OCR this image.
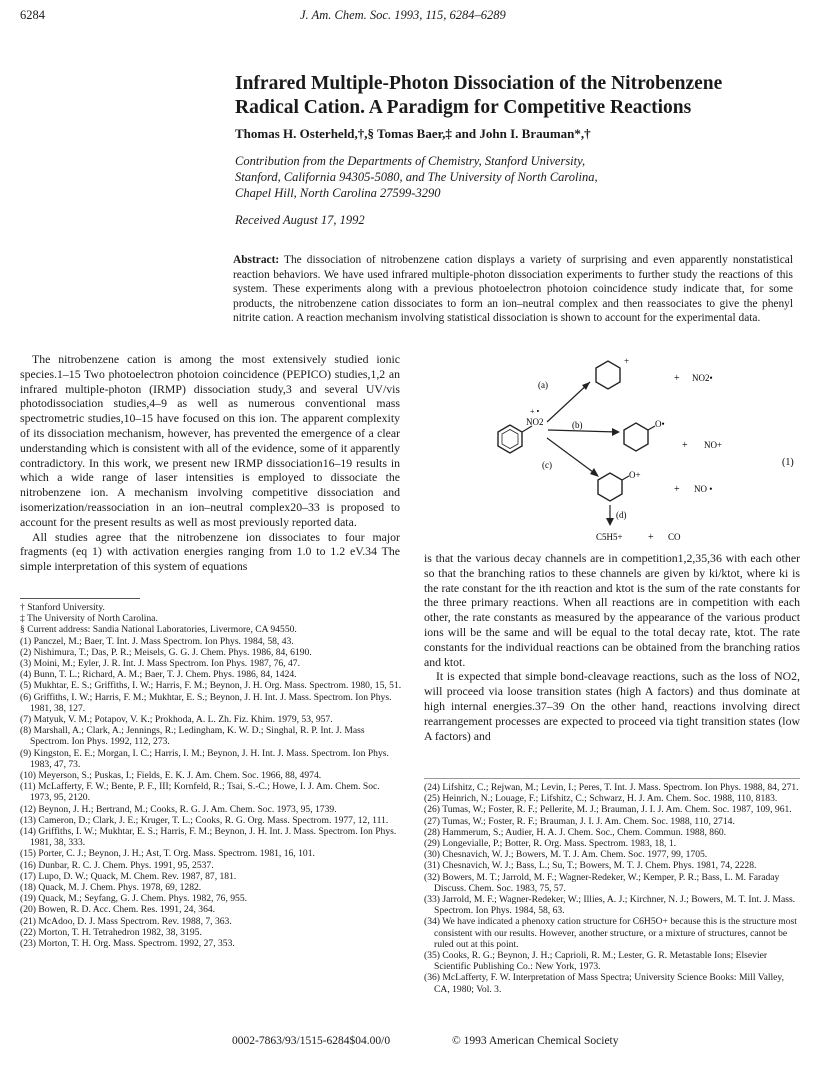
6284	J. Am. Chem. Soc. 1993, 115, 6284–6289
Infrared Multiple-Photon Dissociation of the Nitrobenzene
Radical Cation. A Paradigm for Competitive Reactions
Thomas H. Osterheld,†,§ Tomas Baer,‡ and John I. Brauman*,†
Contribution from the Departments of Chemistry, Stanford University,
Stanford, California 94305-5080, and The University of North Carolina,
Chapel Hill, North Carolina 27599-3290
Received August 17, 1992
Abstract: The dissociation of nitrobenzene cation displays a variety of surprising and even apparently nonstatistical reaction behaviors. We have used infrared multiple-photon dissociation experiments to further study the reactions of this system. These experiments along with a previous photoelectron photoion coincidence study indicate that, for some products, the nitrobenzene cation dissociates to form an ion–neutral complex and then reassociates to give the phenyl nitrite cation. A reaction mechanism involving statistical dissociation is shown to account for the experimental data.

The nitrobenzene cation is among the most extensively studied ionic species.1–15 Two photoelectron photoion coincidence (PEPICO) studies,1,2 an infrared multiple-photon (IRMP) dissociation study,3 and several UV/vis photodissociation studies,4–9 as well as numerous conventional mass spectrometric studies,10–15 have focused on this ion. The apparent complexity of its dissociation mechanism, however, has prevented the emergence of a clear understanding which is consistent with all of the evidence, some of it apparently contradictory. In this work, we present new IRMP dissociation16–19 results in which a wide range of laser intensities is employed to dissociate the nitrobenzene ion. A mechanism involving competitive dissociation and isomerization/reassociation in an ion–neutral complex20–33 is proposed to account for the present results as well as most previously reported data.

All studies agree that the nitrobenzene ion dissociates to four major fragments (eq 1) with activation energies ranging from 1.0 to 1.2 eV.34 The simple interpretation of this system of equations

† Stanford University.
‡ The University of North Carolina.
§ Current address: Sandia National Laboratories, Livermore, CA 94550.
(1) Panczel, M.; Baer, T. Int. J. Mass Spectrom. Ion Phys. 1984, 58, 43.
(2) Nishimura, T.; Das, P. R.; Meisels, G. G. J. Chem. Phys. 1986, 84, 6190.
(3) Moini, M.; Eyler, J. R. Int. J. Mass Spectrom. Ion Phys. 1987, 76, 47.
(4) Bunn, T. L.; Richard, A. M.; Baer, T. J. Chem. Phys. 1986, 84, 1424.
(5) Mukhtar, E. S.; Griffiths, I. W.; Harris, F. M.; Beynon, J. H. Org. Mass. Spectrom. 1980, 15, 51.
(6) Griffiths, I. W.; Harris, F. M.; Mukhtar, E. S.; Beynon, J. H. Int. J. Mass. Spectrom. Ion Phys. 1981, 38, 127.
(7) Matyuk, V. M.; Potapov, V. K.; Prokhoda, A. L. Zh. Fiz. Khim. 1979, 53, 957.
(8) Marshall, A.; Clark, A.; Jennings, R.; Ledingham, K. W. D.; Singhal, R. P. Int. J. Mass Spectrom. Ion Phys. 1992, 112, 273.
(9) Kingston, E. E.; Morgan, I. C.; Harris, I. M.; Beynon, J. H. Int. J. Mass. Spectrom. Ion Phys. 1983, 47, 73.
(10) Meyerson, S.; Puskas, I.; Fields, E. K. J. Am. Chem. Soc. 1966, 88, 4974.
(11) McLafferty, F. W.; Bente, P. F., III; Kornfeld, R.; Tsai, S.-C.; Howe, I. J. Am. Chem. Soc. 1973, 95, 2120.
(12) Beynon, J. H.; Bertrand, M.; Cooks, R. G. J. Am. Chem. Soc. 1973, 95, 1739.
(13) Cameron, D.; Clark, J. E.; Kruger, T. L.; Cooks, R. G. Org. Mass. Spectrom. 1977, 12, 111.
(14) Griffiths, I. W.; Mukhtar, E. S.; Harris, F. M.; Beynon, J. H. Int. J. Mass. Spectrom. Ion Phys. 1981, 38, 333.
(15) Porter, C. J.; Beynon, J. H.; Ast, T. Org. Mass. Spectrom. 1981, 16, 101.
(16) Dunbar, R. C. J. Chem. Phys. 1991, 95, 2537.
(17) Lupo, D. W.; Quack, M. Chem. Rev. 1987, 87, 181.
(18) Quack, M. J. Chem. Phys. 1978, 69, 1282.
(19) Quack, M.; Seyfang, G. J. Chem. Phys. 1982, 76, 955.
(20) Bowen, R. D. Acc. Chem. Res. 1991, 24, 364.
(21) McAdoo, D. J. Mass Spectrom. Rev. 1988, 7, 363.
(22) Morton, T. H. Tetrahedron 1982, 38, 3195.
(23) Morton, T. H. Org. Mass. Spectrom. 1992, 27, 353.
NO2
+ •
(a)
(b)
(c)
+
+ NO2•
O•
+ NO+
(1)
O+
+ NO •
(d)
C5H5+	+ CO

is that the various decay channels are in competition1,2,35,36 with each other so that the branching ratios to these channels are given by ki/ktot, where ki is the rate constant for the ith reaction and ktot is the sum of the rate constants for the three primary reactions. When all reactions are in competition with each other, the rate constants as measured by the appearance of the various product ions will be the same and will be equal to the total decay rate, ktot. The rate constants for the individual reactions can be obtained from the branching ratios and ktot.

It is expected that simple bond-cleavage reactions, such as the loss of NO2, will proceed via loose transition states (high A factors) and thus dominate at high internal energies.37–39 On the other hand, reactions involving direct rearrangement processes are expected to proceed via tight transition states (low A factors) and

(24) Lifshitz, C.; Rejwan, M.; Levin, I.; Peres, T. Int. J. Mass. Spectrom. Ion Phys. 1988, 84, 271.
(25) Heinrich, N.; Louage, F.; Lifshitz, C.; Schwarz, H. J. Am. Chem. Soc. 1988, 110, 8183.
(26) Tumas, W.; Foster, R. F.; Pellerite, M. J.; Brauman, J. I. J. Am. Chem. Soc. 1987, 109, 961.
(27) Tumas, W.; Foster, R. F.; Brauman, J. I. J. Am. Chem. Soc. 1988, 110, 2714.
(28) Hammerum, S.; Audier, H. A. J. Chem. Soc., Chem. Commun. 1988, 860.
(29) Longevialle, P.; Botter, R. Org. Mass. Spectrom. 1983, 18, 1.
(30) Chesnavich, W. J.; Bowers, M. T. J. Am. Chem. Soc. 1977, 99, 1705.
(31) Chesnavich, W. J.; Bass, L.; Su, T.; Bowers, M. T. J. Chem. Phys. 1981, 74, 2228.
(32) Bowers, M. T.; Jarrold, M. F.; Wagner-Redeker, W.; Kemper, P. R.; Bass, L. M. Faraday Discuss. Chem. Soc. 1983, 75, 57.
(33) Jarrold, M. F.; Wagner-Redeker, W.; Illies, A. J.; Kirchner, N. J.; Bowers, M. T. Int. J. Mass. Spectrom. Ion Phys. 1984, 58, 63.
(34) We have indicated a phenoxy cation structure for C6H5O+ because this is the structure most consistent with our results. However, another structure, or a mixture of structures, cannot be ruled out at this point.
(35) Cooks, R. G.; Beynon, J. H.; Caprioli, R. M.; Lester, G. R. Metastable Ions; Elsevier Scientific Publishing Co.: New York, 1973.
(36) McLafferty, F. W. Interpretation of Mass Spectra; University Science Books: Mill Valley, CA, 1980; Vol. 3.
0002-7863/93/1515-6284$04.00/0	© 1993 American Chemical Society
